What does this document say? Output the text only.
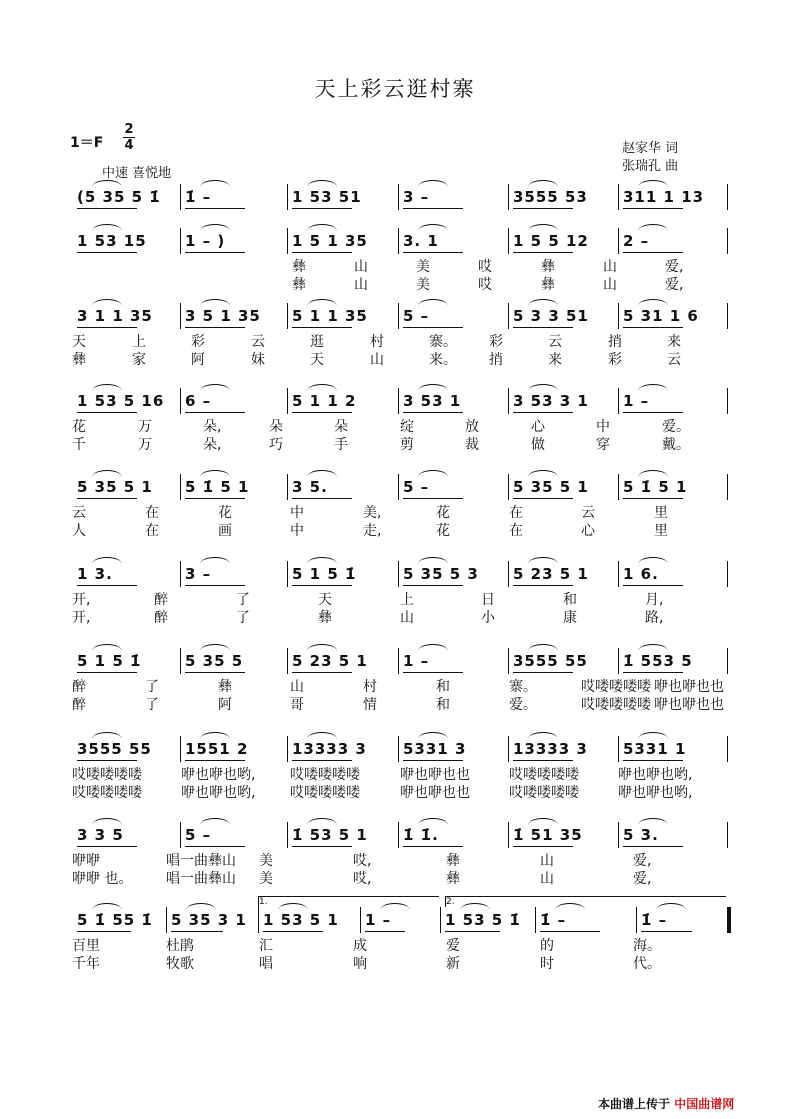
天上彩云逛村寨
1＝F
2
4
中速 喜悦地
赵家华 词
张瑞孔 曲
(5 35 5 1̇	1̇ –	1 53 51	3 –	3555 53	311 1 13
1 53 15	1 – )	1 5 1 35	3. 1	1 5 5 12	2 –
彝	山	美	哎	彝	山	爱,
彝	山	美	哎	彝	山	爱,
3 1 1 35	3 5 1 35	5 1 1 35	5 –	5 3 3 51	5 31 1 6
天	上	彩	云	逛	村	寨。 彩	云	捎	来
彝	家	阿	妹	天	山	来。 捎	来	彩	云
1 53 5 16	6 –	5 1 1 2	3 53 1	3 53 3 1	1 –
花	万	朵,	朵	朵	绽	放	心	中	爱。
千	万	朵,	巧	手	剪	裁	做	穿	戴。
5 35 5 1	5 1̇ 5 1	3 5.	5 –	5 35 5 1	5 1̇ 5 1
云	在	花	中	美,	花	在	云	里
人	在	画	中	走,	花	在	心	里
1 3.	3 –	5 1 5 1̇	5 35 5 3	5 23 5 1	1 6.
开,	醉	了	天	上	日	和	月,
开,	醉	了	彝	山	小	康	路,
5 1 5 1̇	5 35 5	5 23 5 1	1 –	3555 55	1̇ 553 5
醉	了	彝	山	村	和	寨。	哎喽喽喽喽 咿也咿也也
醉	了	阿	哥	情	和	爱。	哎喽喽喽喽 咿也咿也也
3555 55	1551 2	13333 3	5331 3	13333 3	5331 1
哎喽喽喽喽	咿也咿也哟, 哎喽喽喽喽	咿也咿也也	哎喽喽喽喽	咿也咿也哟,
哎喽喽喽喽	咿也咿也哟, 哎喽喽喽喽	咿也咿也也	哎喽喽喽喽	咿也咿也哟,
3 3 5	5 –	1̇ 53 5 1	1̇ 1̇.	1̇ 51 35	5 3.
咿咿	唱一曲彝山 美	哎,	彝	山	爱,
咿咿 也。 唱一曲彝山 美	哎,	彝	山	爱,
5 1̇ 55 1̇	5 35 3 1	1 53 5 1	1 –	1 53 5 1̇	1̇ –	1̇ –
百里	杜鹃	汇	成	爱	的	海。
千年	牧歌	唱	响	新	时	代。
1.	2.
本曲谱上传于 中国曲谱网
